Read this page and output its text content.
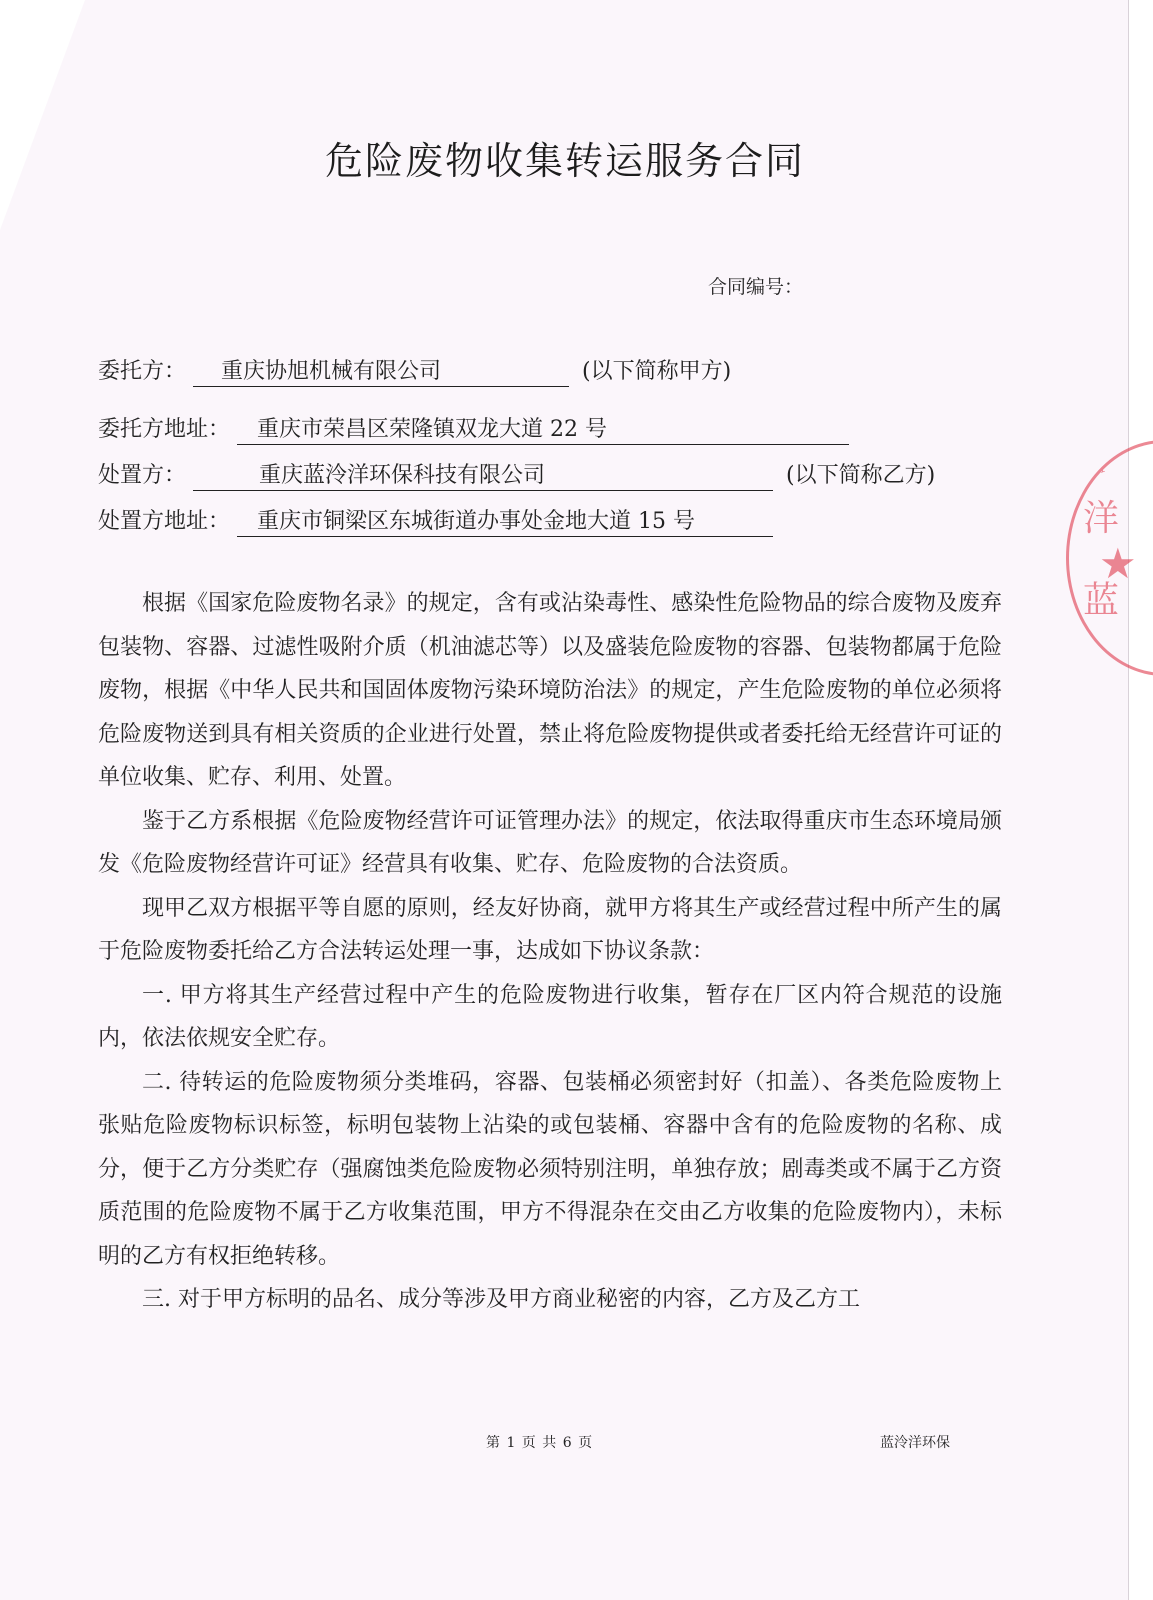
001
洋
★
蓝
危险废物收集转运服务合同
合同编号：
委托方： 重庆协旭机械有限公司	(以下简称甲方)
委托方地址： 重庆市荣昌区荣隆镇双龙大道 22 号
处置方：	重庆蓝泠洋环保科技有限公司	(以下简称乙方)
处置方地址： 重庆市铜梁区东城街道办事处金地大道 15 号

根据《国家危险废物名录》的规定，含有或沾染毒性、感染性危险物品的综合废物及废弃包装物、容器、过滤性吸附介质（机油滤芯等）以及盛装危险废物的容器、包装物都属于危险废物，根据《中华人民共和国固体废物污染环境防治法》的规定，产生危险废物的单位必须将危险废物送到具有相关资质的企业进行处置，禁止将危险废物提供或者委托给无经营许可证的单位收集、贮存、利用、处置。

鉴于乙方系根据《危险废物经营许可证管理办法》的规定，依法取得重庆市生态环境局颁发《危险废物经营许可证》经营具有收集、贮存、危险废物的合法资质。

现甲乙双方根据平等自愿的原则，经友好协商，就甲方将其生产或经营过程中所产生的属于危险废物委托给乙方合法转运处理一事，达成如下协议条款：

一. 甲方将其生产经营过程中产生的危险废物进行收集，暂存在厂区内符合规范的设施内，依法依规安全贮存。

二. 待转运的危险废物须分类堆码，容器、包装桶必须密封好（扣盖）、各类危险废物上张贴危险废物标识标签，标明包装物上沾染的或包装桶、容器中含有的危险废物的名称、成分，便于乙方分类贮存（强腐蚀类危险废物必须特别注明，单独存放；剧毒类或不属于乙方资质范围的危险废物不属于乙方收集范围，甲方不得混杂在交由乙方收集的危险废物内），未标明的乙方有权拒绝转移。

三. 对于甲方标明的品名、成分等涉及甲方商业秘密的内容，乙方及乙方工

第 1 页 共 6 页	蓝泠洋环保
